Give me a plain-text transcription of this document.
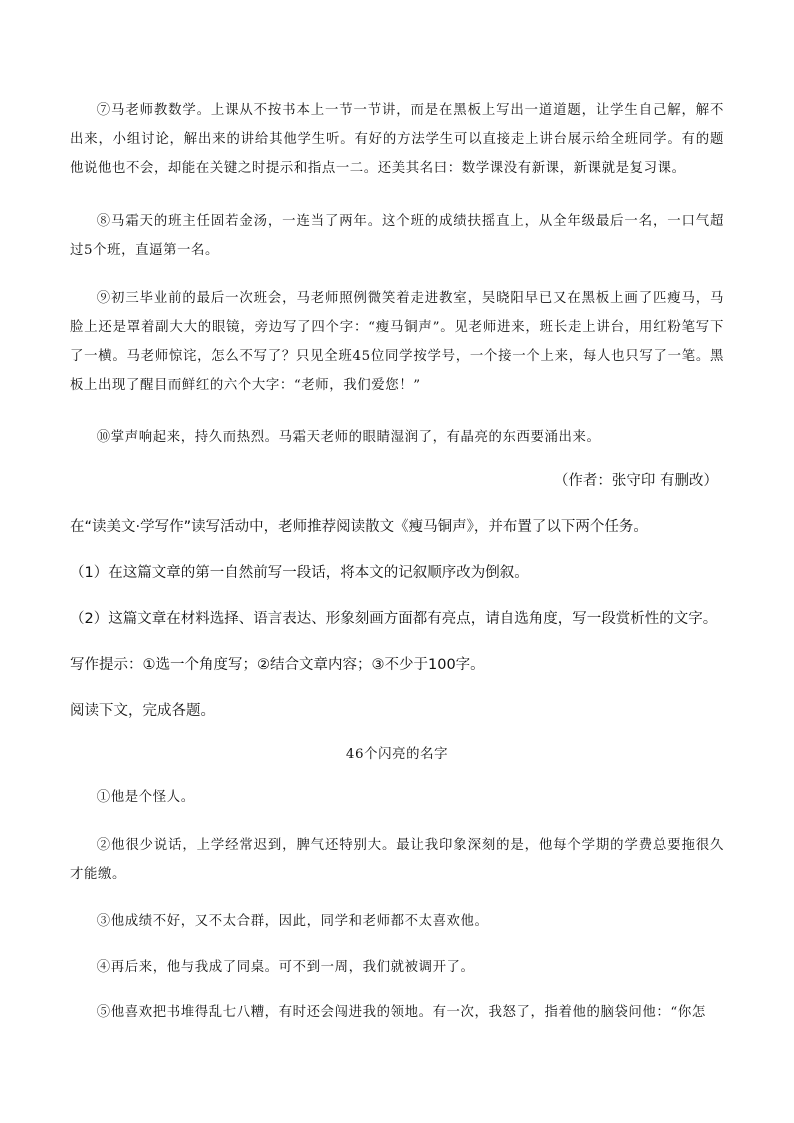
⑦马老师教数学。上课从不按书本上一节一节讲，而是在黑板上写出一道道题，让学生自己解，解不出来，小组讨论，解出来的讲给其他学生听。有好的方法学生可以直接走上讲台展示给全班同学。有的题他说他也不会，却能在关键之时提示和指点一二。还美其名曰：数学课没有新课，新课就是复习课。

⑧马霜天的班主任固若金汤，一连当了两年。这个班的成绩扶摇直上，从全年级最后一名，一口气超过5个班，直逼第一名。

⑨初三毕业前的最后一次班会，马老师照例微笑着走进教室，吴晓阳早已又在黑板上画了匹瘦马，马脸上还是罩着副大大的眼镜，旁边写了四个字：“瘦马铜声”。见老师进来，班长走上讲台，用红粉笔写下了一横。马老师惊诧，怎么不写了？只见全班45位同学按学号，一个接一个上来，每人也只写了一笔。黑板上出现了醒目而鲜红的六个大字：“老师，我们爱您！”

⑩掌声响起来，持久而热烈。马霜天老师的眼睛湿润了，有晶亮的东西要涌出来。

（作者：张守印 有删改）

在“读美文·学写作”读写活动中，老师推荐阅读散文《瘦马铜声》，并布置了以下两个任务。

（1）在这篇文章的第一自然前写一段话，将本文的记叙顺序改为倒叙。

（2）这篇文章在材料选择、语言表达、形象刻画方面都有亮点，请自选角度，写一段赏析性的文字。

写作提示：①选一个角度写；②结合文章内容；③不少于100字。

阅读下文，完成各题。

46个闪亮的名字

①他是个怪人。

②他很少说话，上学经常迟到，脾气还特别大。最让我印象深刻的是，他每个学期的学费总要拖很久才能缴。

③他成绩不好，又不太合群，因此，同学和老师都不太喜欢他。

④再后来，他与我成了同桌。可不到一周，我们就被调开了。

⑤他喜欢把书堆得乱七八糟，有时还会闯进我的领地。有一次，我怒了，指着他的脑袋问他：“你怎
